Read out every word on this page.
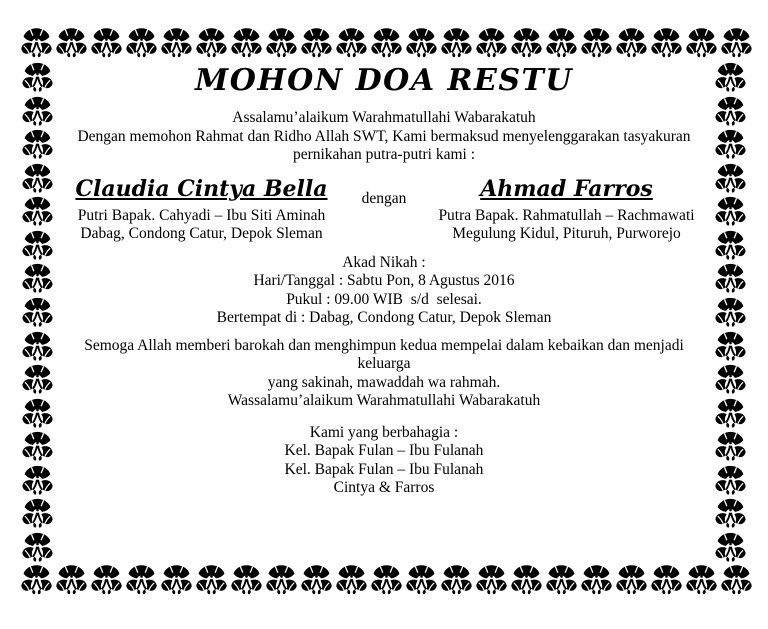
MOHON DOA RESTU

Assalamu’alaikum Warahmatullahi Wabarakatuh

Dengan memohon Rahmat dan Ridho Allah SWT, Kami bermaksud menyelenggarakan tasyakuran

pernikahan putra-putri kami :

Claudia Cintya Bella

Putri Bapak. Cahyadi – Ibu Siti Aminah

Dabag, Condong Catur, Depok Sleman

dengan	Ahmad Farros

Putra Bapak. Rahmatullah – Rachmawati

Megulung Kidul, Pituruh, Purworejo

Akad Nikah :

Hari/Tanggal : Sabtu Pon, 8 Agustus 2016

Pukul : 09.00 WIB  s/d  selesai.

Bertempat di : Dabag, Condong Catur, Depok Sleman

Semoga Allah memberi barokah dan menghimpun kedua mempelai dalam kebaikan dan menjadi keluarga

yang sakinah, mawaddah wa rahmah.

Wassalamu’alaikum Warahmatullahi Wabarakatuh

Kami yang berbahagia :

Kel. Bapak Fulan – Ibu Fulanah

Kel. Bapak Fulan – Ibu Fulanah

Cintya & Farros
